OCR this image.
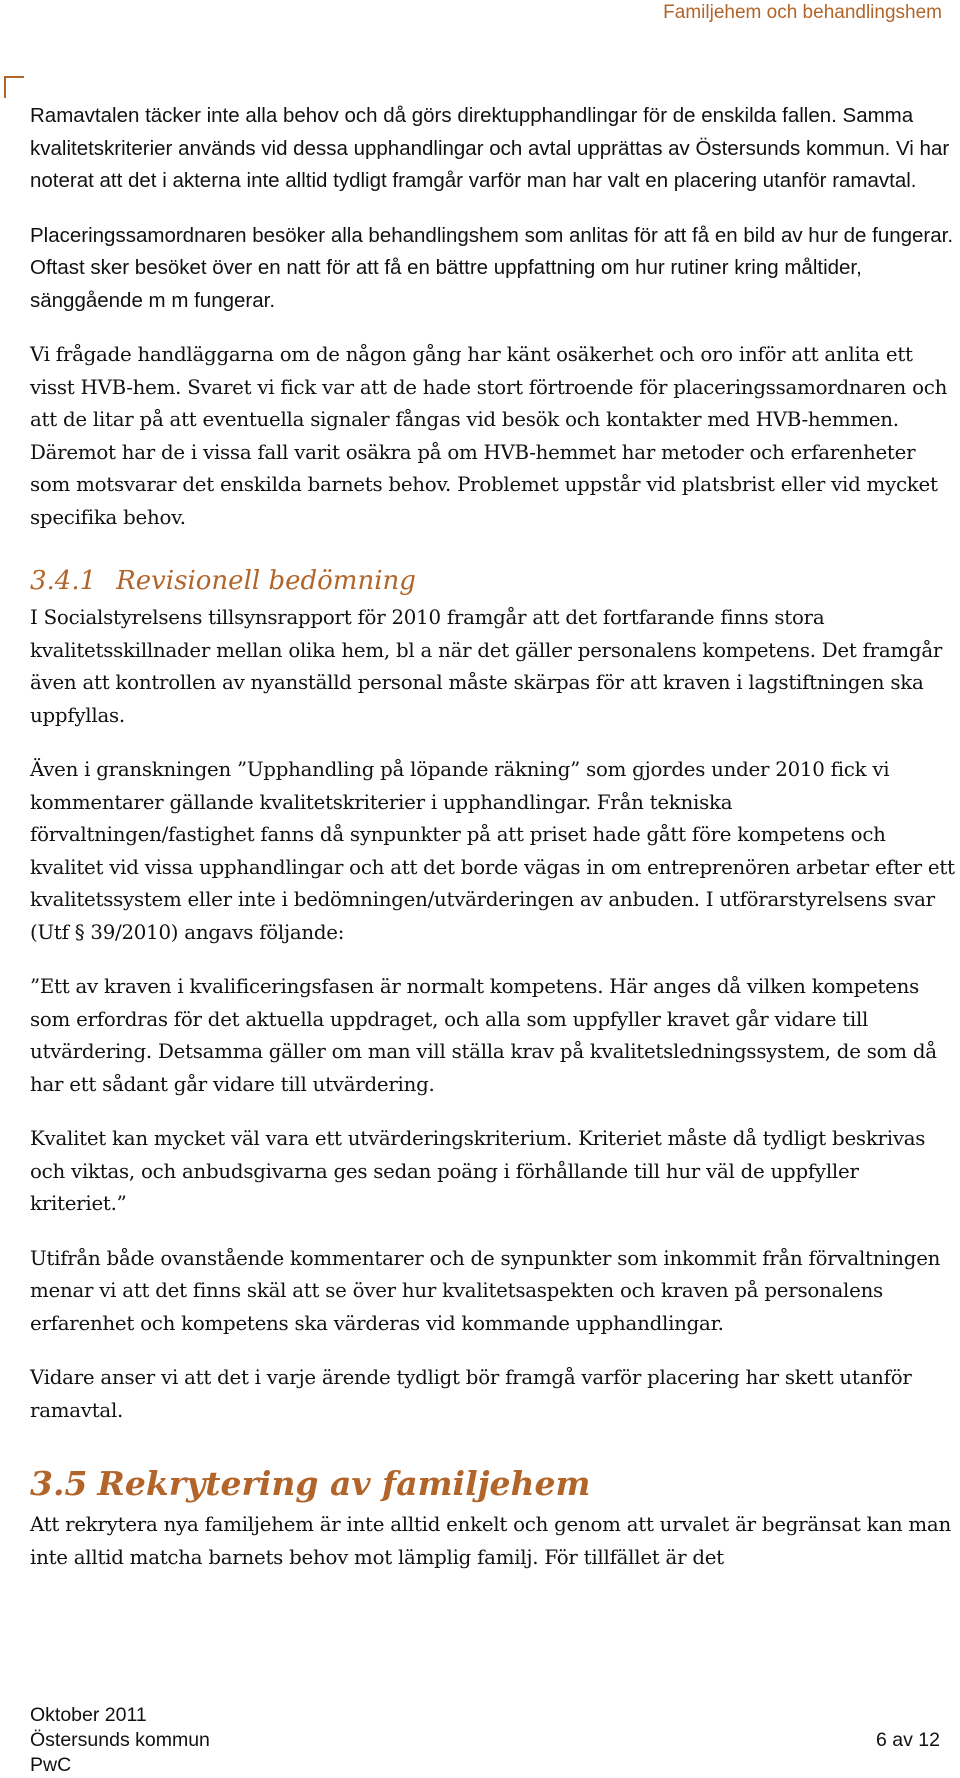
Familjehem och behandlingshem

Ramavtalen täcker inte alla behov och då görs direktupphandlingar för de enskilda fallen. Samma kvalitetskriterier används vid dessa upphandlingar och avtal upprättas av Östersunds kommun. Vi har noterat att det i akterna inte alltid tydligt framgår varför man har valt en placering utanför ramavtal.

Placeringssamordnaren besöker alla behandlingshem som anlitas för att få en bild av hur de fungerar. Oftast sker besöket över en natt för att få en bättre uppfattning om hur rutiner kring måltider, sänggående m m fungerar.

Vi frågade handläggarna om de någon gång har känt osäkerhet och oro inför att anlita ett visst HVB-hem. Svaret vi fick var att de hade stort förtroende för placeringssamordnaren och att de litar på att eventuella signaler fångas vid besök och kontakter med HVB-hemmen. Däremot har de i vissa fall varit osäkra på om HVB-hemmet har metoder och erfarenheter som motsvarar det enskilda barnets behov. Problemet uppstår vid platsbrist eller vid mycket specifika behov.

3.4.1 Revisionell bedömning

I Socialstyrelsens tillsynsrapport för 2010 framgår att det fortfarande finns stora kvalitetsskillnader mellan olika hem, bl a när det gäller personalens kompetens. Det framgår även att kontrollen av nyanställd personal måste skärpas för att kraven i lagstiftningen ska uppfyllas.

Även i granskningen ”Upphandling på löpande räkning” som gjordes under 2010 fick vi kommentarer gällande kvalitetskriterier i upphandlingar. Från tekniska förvaltningen/fastighet fanns då synpunkter på att priset hade gått före kompetens och kvalitet vid vissa upphandlingar och att det borde vägas in om entreprenören arbetar efter ett kvalitetssystem eller inte i bedömningen/utvärderingen av anbuden. I utförarstyrelsens svar (Utf § 39/2010) angavs följande:

”Ett av kraven i kvalificeringsfasen är normalt kompetens. Här anges då vilken kompetens som erfordras för det aktuella uppdraget, och alla som uppfyller kravet går vidare till utvärdering. Detsamma gäller om man vill ställa krav på kvalitetsledningssystem, de som då har ett sådant går vidare till utvärdering.

Kvalitet kan mycket väl vara ett utvärderingskriterium. Kriteriet måste då tydligt beskrivas och viktas, och anbudsgivarna ges sedan poäng i förhållande till hur väl de uppfyller kriteriet.”

Utifrån både ovanstående kommentarer och de synpunkter som inkommit från förvaltningen menar vi att det finns skäl att se över hur kvalitetsaspekten och kraven på personalens erfarenhet och kompetens ska värderas vid kommande upphandlingar.

Vidare anser vi att det i varje ärende tydligt bör framgå varför placering har skett utanför ramavtal.

3.5 Rekrytering av familjehem

Att rekrytera nya familjehem är inte alltid enkelt och genom att urvalet är begränsat kan man inte alltid matcha barnets behov mot lämplig familj. För tillfället är det

Oktober 2011
Östersunds kommun
PwC
6 av 12
